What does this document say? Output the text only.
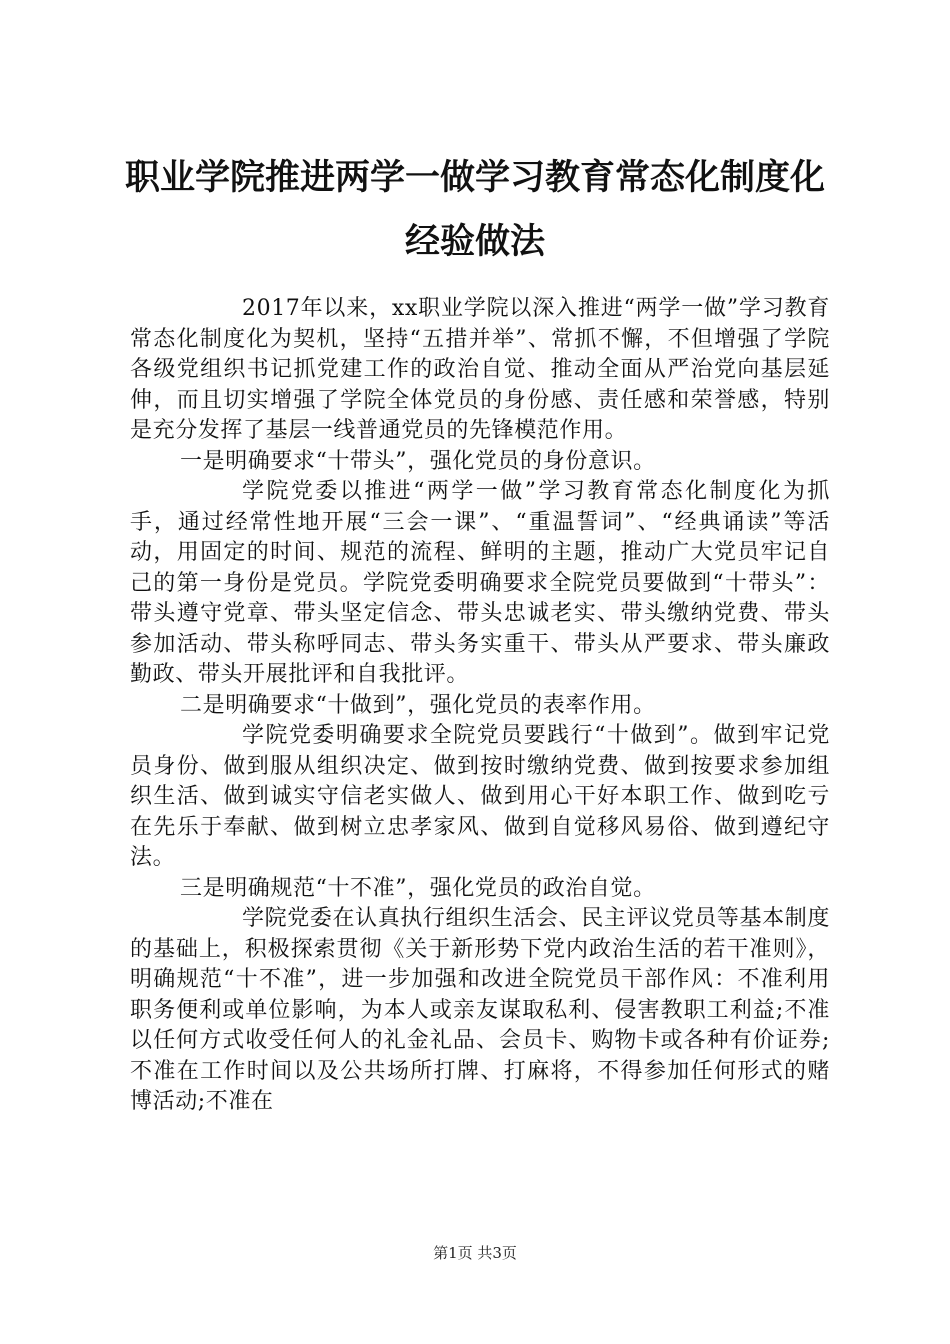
职业学院推进两学一做学习教育常态化制度化
经验做法

2017年以来，xx职业学院以深入推进“两学一做”学习教育常态化制度化为契机，坚持“五措并举”、常抓不懈，不但增强了学院各级党组织书记抓党建工作的政治自觉、推动全面从严治党向基层延伸，而且切实增强了学院全体党员的身份感、责任感和荣誉感，特别是充分发挥了基层一线普通党员的先锋模范作用。

一是明确要求“十带头”，强化党员的身份意识。

学院党委以推进“两学一做”学习教育常态化制度化为抓手，通过经常性地开展“三会一课”、“重温誓词”、“经典诵读”等活动，用固定的时间、规范的流程、鲜明的主题，推动广大党员牢记自己的第一身份是党员。学院党委明确要求全院党员要做到“十带头”：带头遵守党章、带头坚定信念、带头忠诚老实、带头缴纳党费、带头参加活动、带头称呼同志、带头务实重干、带头从严要求、带头廉政勤政、带头开展批评和自我批评。

二是明确要求“十做到”，强化党员的表率作用。

学院党委明确要求全院党员要践行“十做到”。做到牢记党员身份、做到服从组织决定、做到按时缴纳党费、做到按要求参加组织生活、做到诚实守信老实做人、做到用心干好本职工作、做到吃亏在先乐于奉献、做到树立忠孝家风、做到自觉移风易俗、做到遵纪守法。

三是明确规范“十不准”，强化党员的政治自觉。

学院党委在认真执行组织生活会、民主评议党员等基本制度的基础上，积极探索贯彻《关于新形势下党内政治生活的若干准则》，明确规范“十不准”，进一步加强和改进全院党员干部作风：不准利用职务便利或单位影响，为本人或亲友谋取私利、侵害教职工利益;不准以任何方式收受任何人的礼金礼品、会员卡、购物卡或各种有价证券;不准在工作时间以及公共场所打牌、打麻将，不得参加任何形式的赌博活动;不准在

第1页 共3页
